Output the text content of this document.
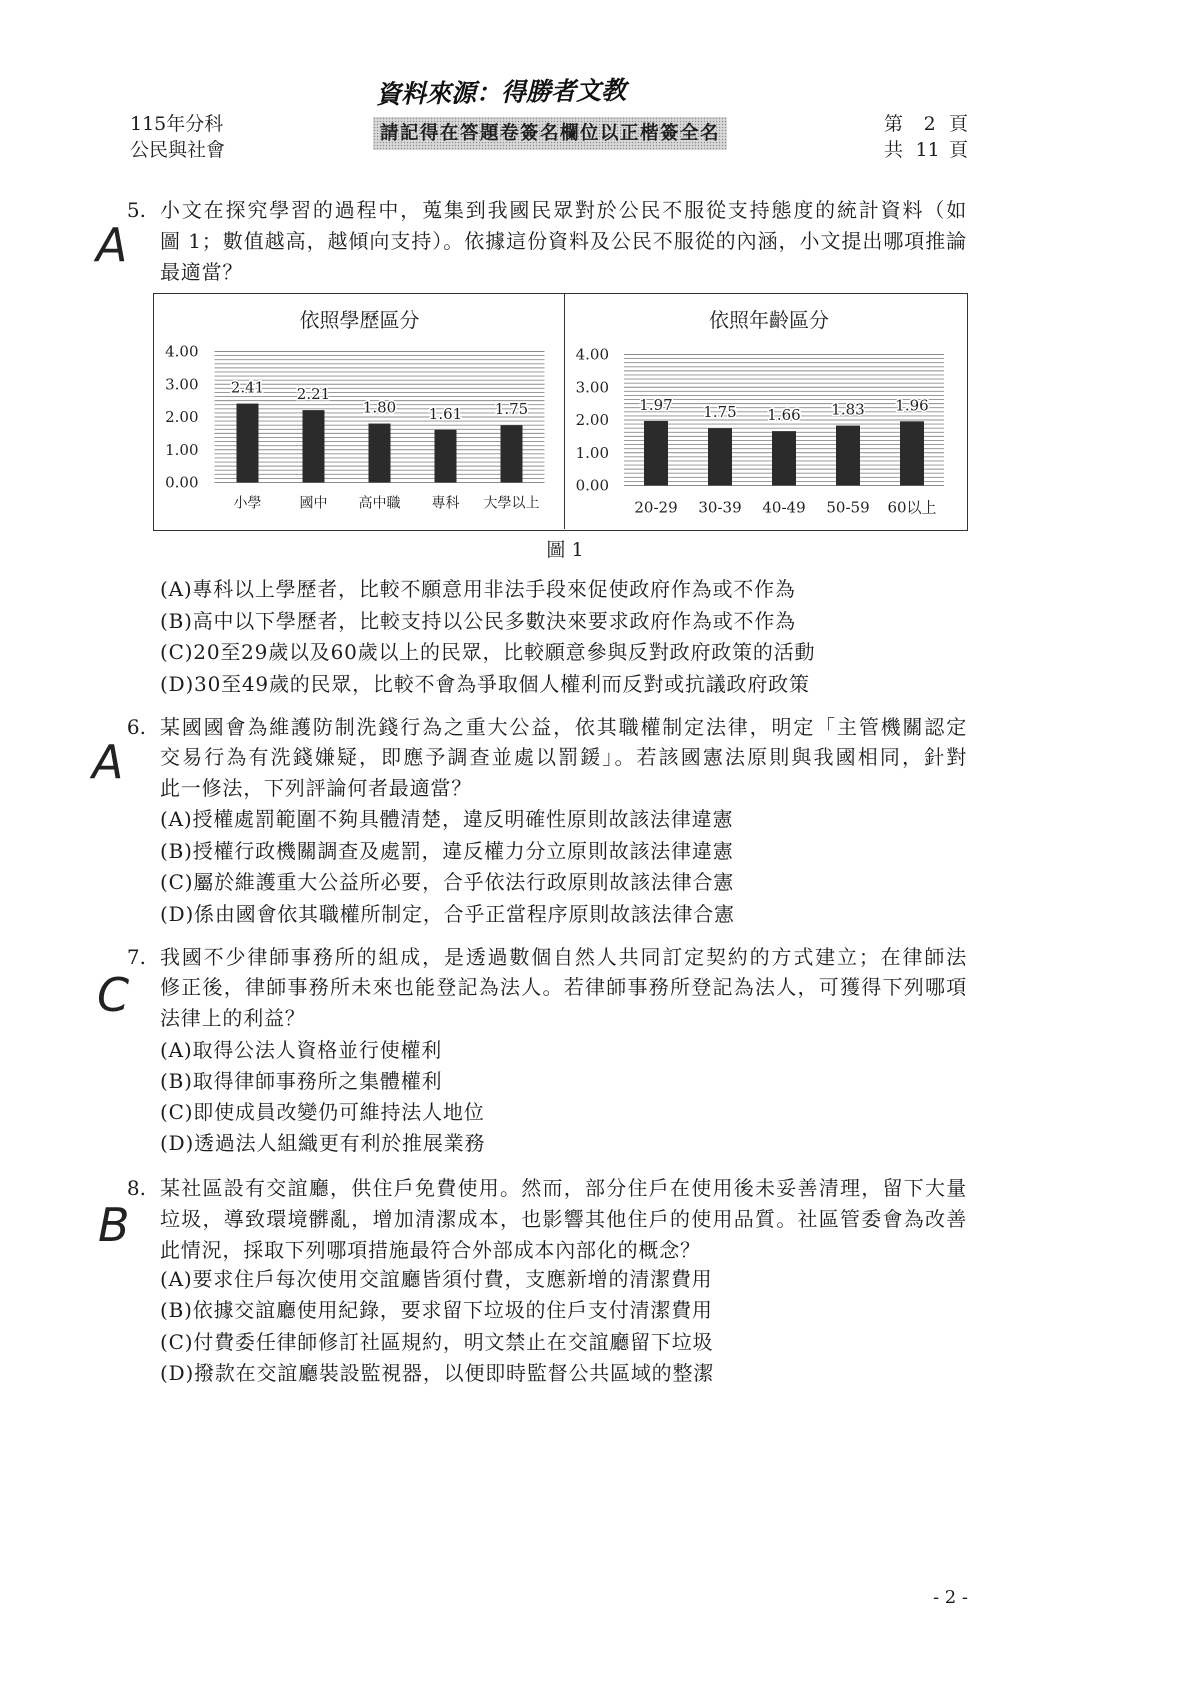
資料來源：得勝者文教
115年分科
公民與社會
請記得在答題卷簽名欄位以正楷簽全名	第 2 頁
共 11 頁
5. 小文在探究學習的過程中，蒐集到我國民眾對於公民不服從支持態度的統計資料（如
圖 1；數值越高，越傾向支持）。依據這份資料及公民不服從的內涵，小文提出哪項推論
最適當？
A
依照學歷區分
0.00
1.00
2.00
3.00
4.00
2.41
小學
2.21
國中
1.80
高中職
1.61
專科
1.75
大學以上
依照年齡區分
0.00
1.00
2.00
3.00
4.00
1.97
20-29
1.75
30-39
1.66
40-49
1.83
50-59
1.96
60以上
圖 1
(A)專科以上學歷者，比較不願意用非法手段來促使政府作為或不作為
(B)高中以下學歷者，比較支持以公民多數決來要求政府作為或不作為
(C)20至29歲以及60歲以上的民眾，比較願意參與反對政府政策的活動
(D)30至49歲的民眾，比較不會為爭取個人權利而反對或抗議政府政策
6. 某國國會為維護防制洗錢行為之重大公益，依其職權制定法律，明定「主管機關認定
交易行為有洗錢嫌疑，即應予調查並處以罰鍰」。若該國憲法原則與我國相同，針對
此一修法，下列評論何者最適當？
A
(A)授權處罰範圍不夠具體清楚，違反明確性原則故該法律違憲
(B)授權行政機關調查及處罰，違反權力分立原則故該法律違憲
(C)屬於維護重大公益所必要，合乎依法行政原則故該法律合憲
(D)係由國會依其職權所制定，合乎正當程序原則故該法律合憲
7. 我國不少律師事務所的組成，是透過數個自然人共同訂定契約的方式建立；在律師法
修正後，律師事務所未來也能登記為法人。若律師事務所登記為法人，可獲得下列哪項
法律上的利益？
C
(A)取得公法人資格並行使權利
(B)取得律師事務所之集體權利
(C)即使成員改變仍可維持法人地位
(D)透過法人組織更有利於推展業務
8. 某社區設有交誼廳，供住戶免費使用。然而，部分住戶在使用後未妥善清理，留下大量
垃圾，導致環境髒亂，增加清潔成本，也影響其他住戶的使用品質。社區管委會為改善
此情況，採取下列哪項措施最符合外部成本內部化的概念？
B
(A)要求住戶每次使用交誼廳皆須付費，支應新增的清潔費用
(B)依據交誼廳使用紀錄，要求留下垃圾的住戶支付清潔費用
(C)付費委任律師修訂社區規約，明文禁止在交誼廳留下垃圾
(D)撥款在交誼廳裝設監視器，以便即時監督公共區域的整潔
- 2 -
